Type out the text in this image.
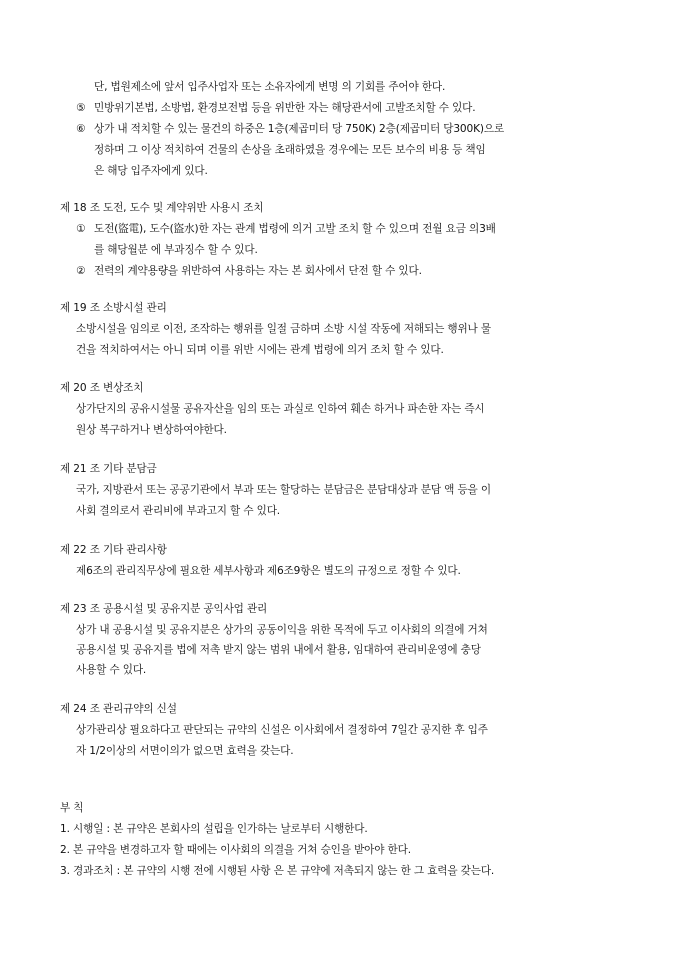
단, 법원제소에 앞서 입주사업자 또는 소유자에게 변명 의 기회를 주어야 한다.
⑤ 민방위기본법, 소방법, 환경보전법 등을 위반한 자는 해당관서에 고발조치할 수 있다.
⑥ 상가 내 적치할 수 있는 물건의 하중은 1층(제곱미터 당 750K) 2층(제곱미터 당300K)으로
정하며 그 이상 적치하여 건물의 손상을 초래하였을 경우에는 모든 보수의 비용 등 책임
은 해당 입주자에게 있다.
제 18 조 도전, 도수 및 계약위반 사용시 조치
① 도전(盜電), 도수(盜水)한 자는 관계 법령에 의거 고발 조치 할 수 있으며 전월 요금 의3배
를 해당월분 에 부과징수 할 수 있다.
② 전력의 계약용량을 위반하여 사용하는 자는 본 회사에서 단전 할 수 있다.
제 19 조 소방시설 관리
소방시설을 임의로 이전, 조작하는 행위를 일절 금하며 소방 시설 작동에 저해되는 행위나 물
건을 적치하여서는 아니 되며 이를 위반 시에는 관계 법령에 의거 조치 할 수 있다.
제 20 조 변상조치
상가단지의 공유시설물 공유자산을 임의 또는 과실로 인하여 훼손 하거나 파손한 자는 즉시
원상 복구하거나 변상하여야한다.
제 21 조 기타 분담금
국가, 지방관서 또는 공공기관에서 부과 또는 할당하는 분담금은 분담대상과 분담 액 등을 이
사회 결의로서 관리비에 부과고지 할 수 있다.
제 22 조 기타 관리사항
제6조의 관리직무상에 필요한 세부사항과 제6조9항은 별도의 규정으로 정할 수 있다.
제 23 조 공용시설 및 공유지분 공익사업 관리
상가 내 공용시설 및 공유지분은 상가의 공동이익을 위한 목적에 두고 이사회의 의결에 거쳐
공용시설 및 공유지를 법에 저촉 받지 않는 범위 내에서 활용, 임대하여 관리비운영에 충당
사용할 수 있다.
제 24 조 관리규약의 신설
상가관리상 필요하다고 판단되는 규약의 신설은 이사회에서 결정하여 7일간 공지한 후 입주
자 1/2이상의 서면이의가 없으면 효력을 갖는다.
부 칙
1. 시행일 : 본 규약은 본회사의 설립을 인가하는 날로부터 시행한다.
2. 본 규약을 변경하고자 할 때에는 이사회의 의결을 거쳐 승인을 받아야 한다.
3. 경과조치 : 본 규약의 시행 전에 시행된 사항 은 본 규약에 저촉되지 않는 한 그 효력을 갖는다.
